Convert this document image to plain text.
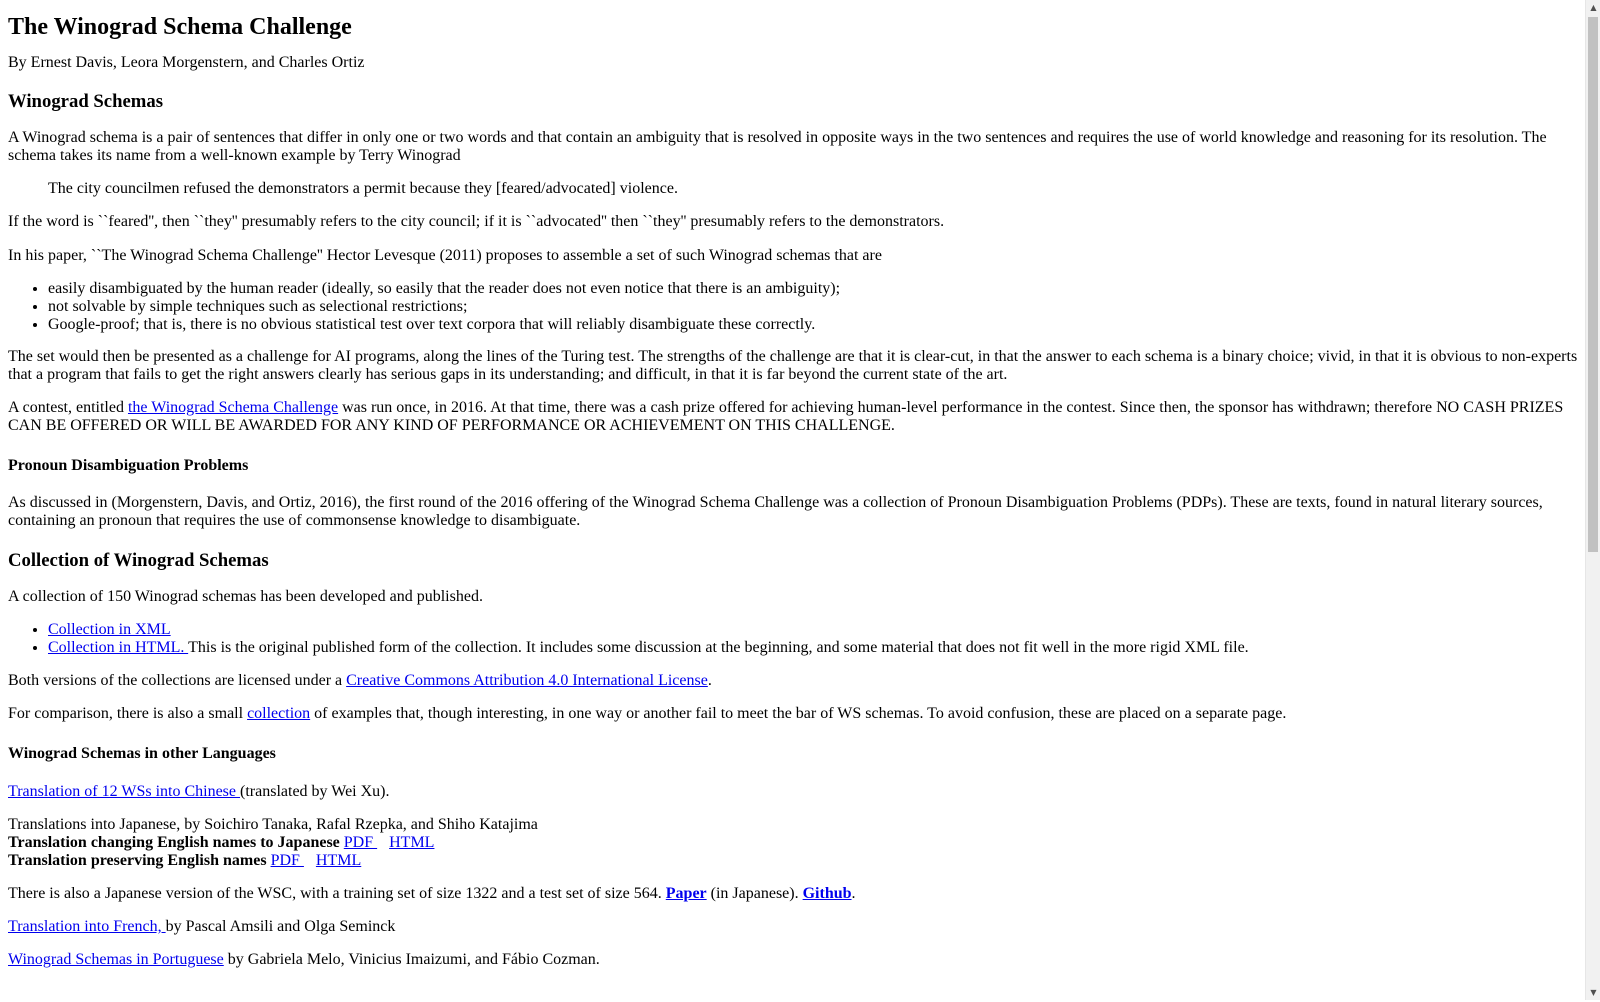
The Winograd Schema Challenge

By Ernest Davis, Leora Morgenstern, and Charles Ortiz

Winograd Schemas

A Winograd schema is a pair of sentences that differ in only one or two words and that contain an ambiguity that is resolved in opposite ways in the two sentences and requires the use of world knowledge and reasoning for its resolution. The schema takes its name from a well-known example by Terry Winograd

The city councilmen refused the demonstrators a permit because they [feared/advocated] violence.

If the word is ``feared'', then ``they'' presumably refers to the city council; if it is ``advocated'' then ``they'' presumably refers to the demonstrators.

In his paper, ``The Winograd Schema Challenge'' Hector Levesque (2011) proposes to assemble a set of such Winograd schemas that are

• easily disambiguated by the human reader (ideally, so easily that the reader does not even notice that there is an ambiguity);
• not solvable by simple techniques such as selectional restrictions;
• Google-proof; that is, there is no obvious statistical test over text corpora that will reliably disambiguate these correctly.

The set would then be presented as a challenge for AI programs, along the lines of the Turing test. The strengths of the challenge are that it is clear-cut, in that the answer to each schema is a binary choice; vivid, in that it is obvious to non-experts that a program that fails to get the right answers clearly has serious gaps in its understanding; and difficult, in that it is far beyond the current state of the art.

A contest, entitled the Winograd Schema Challenge was run once, in 2016. At that time, there was a cash prize offered for achieving human-level performance in the contest. Since then, the sponsor has withdrawn; therefore NO CASH PRIZES CAN BE OFFERED OR WILL BE AWARDED FOR ANY KIND OF PERFORMANCE OR ACHIEVEMENT ON THIS CHALLENGE.

Pronoun Disambiguation Problems

As discussed in (Morgenstern, Davis, and Ortiz, 2016), the first round of the 2016 offering of the Winograd Schema Challenge was a collection of Pronoun Disambiguation Problems (PDPs). These are texts, found in natural literary sources, containing an pronoun that requires the use of commonsense knowledge to disambiguate.

Collection of Winograd Schemas

A collection of 150 Winograd schemas has been developed and published.

• Collection in XML
• Collection in HTML. This is the original published form of the collection. It includes some discussion at the beginning, and some material that does not fit well in the more rigid XML file.

Both versions of the collections are licensed under a Creative Commons Attribution 4.0 International License.

For comparison, there is also a small collection of examples that, though interesting, in one way or another fail to meet the bar of WS schemas. To avoid confusion, these are placed on a separate page.

Winograd Schemas in other Languages

Translation of 12 WSs into Chinese (translated by Wei Xu).

Translations into Japanese, by Soichiro Tanaka, Rafal Rzepka, and Shiho Katajima
Translation changing English names to Japanese PDF HTML
Translation preserving English names PDF HTML

There is also a Japanese version of the WSC, with a training set of size 1322 and a test set of size 564. Paper (in Japanese). Github.

Translation into French, by Pascal Amsili and Olga Seminck

Winograd Schemas in Portuguese by Gabriela Melo, Vinicius Imaizumi, and Fábio Cozman.

▲
▼
